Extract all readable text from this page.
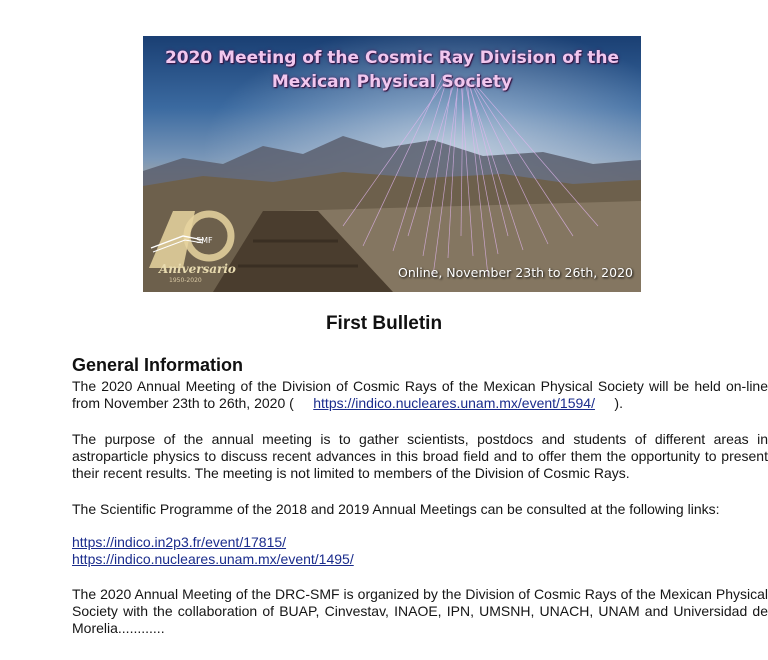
2020 Meeting of the Cosmic Ray Division of the
Mexican Physical Society
SMF
Aniversario
1950-2020
Online, November 23th to 26th, 2020
First Bulletin
General Information
The 2020 Annual Meeting of the Division of Cosmic Rays of the Mexican Physical Society will be held on-line from November 23th to 26th, 2020 ( https://indico.nucleares.unam.mx/event/1594/ ).
The purpose of the annual meeting is to gather scientists, postdocs and students of different areas in astroparticle physics to discuss recent advances in this broad field and to offer them the opportunity to present their recent results. The meeting is not limited to members of the Division of Cosmic Rays.
The Scientific Programme of the 2018 and 2019 Annual Meetings can be consulted at the following links:
https://indico.in2p3.fr/event/17815/
https://indico.nucleares.unam.mx/event/1495/
The 2020 Annual Meeting of the DRC-SMF is organized by the Division of Cosmic Rays of the Mexican Physical Society with the collaboration of BUAP, Cinvestav, INAOE, IPN, UMSNH, UNACH, UNAM and Universidad de Morelia............
